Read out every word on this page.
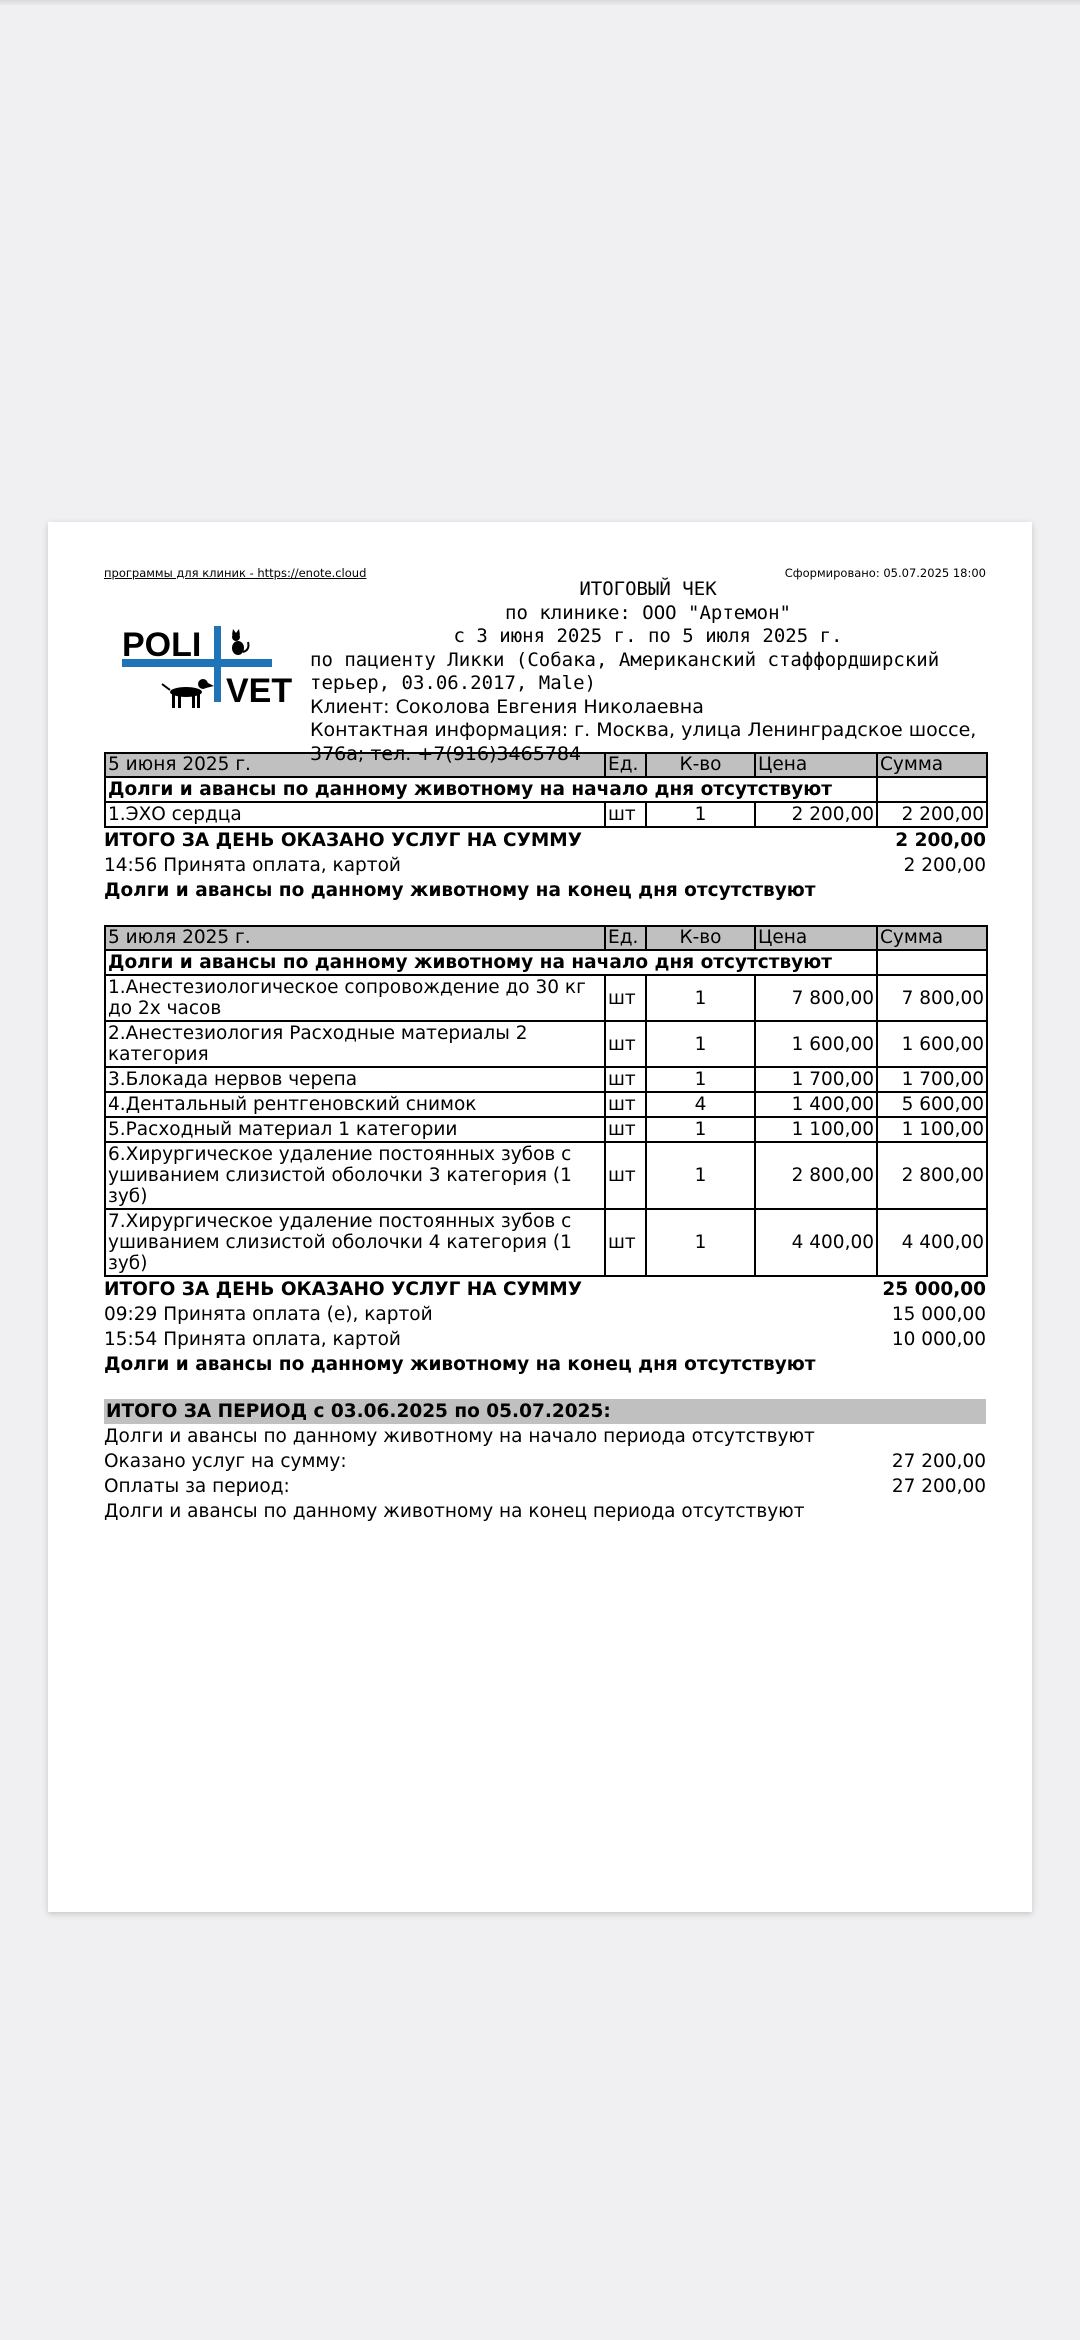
программы для клиник - https://enote.cloud	Сформировано: 05.07.2025 18:00
POLI
VET
ИТОГОВЫЙ ЧЕК
по клинике: ООО "Артемон"
с 3 июня 2025 г. по 5 июля 2025 г.
по пациенту Ликки (Собака, Американский стаффордширский терьер, 03.06.2017, Male)
Клиент: Соколова Евгения Николаевна
Контактная информация: г. Москва, улица Ленинградское шоссе, 376а; тел. +7(916)3465784
5 июня 2025 г.	Ед.	К-во	Цена	Сумма
Долги и авансы по данному животному на начало дня отсутствуют				
1.ЭХО сердца	шт	1	2 200,00	2 200,00
ИТОГО ЗА ДЕНЬ ОКАЗАНО УСЛУГ НА СУММУ	2 200,00
14:56 Принята оплата, картой	2 200,00
Долги и авансы по данному животному на конец дня отсутствуют
5 июля 2025 г.	Ед.	К-во	Цена	Сумма
Долги и авансы по данному животному на начало дня отсутствуют				
1.Анестезиологическое сопровождение до 30 кг до 2х часов	шт	1	7 800,00	7 800,00
2.Анестезиология Расходные материалы 2 категория	шт	1	1 600,00	1 600,00
3.Блокада нервов черепа	шт	1	1 700,00	1 700,00
4.Дентальный рентгеновский снимок	шт	4	1 400,00	5 600,00
5.Расходный материал 1 категории	шт	1	1 100,00	1 100,00
6.Хирургическое удаление постоянных зубов с ушиванием слизистой оболочки 3 категория (1 зуб)	шт	1	2 800,00	2 800,00
7.Хирургическое удаление постоянных зубов с ушиванием слизистой оболочки 4 категория (1 зуб)	шт	1	4 400,00	4 400,00
ИТОГО ЗА ДЕНЬ ОКАЗАНО УСЛУГ НА СУММУ	25 000,00
09:29 Принята оплата (е), картой	15 000,00
15:54 Принята оплата, картой	10 000,00
Долги и авансы по данному животному на конец дня отсутствуют
ИТОГО ЗА ПЕРИОД с 03.06.2025 по 05.07.2025:
Долги и авансы по данному животному на начало периода отсутствуют
Оказано услуг на сумму:	27 200,00
Оплаты за период:	27 200,00
Долги и авансы по данному животному на конец периода отсутствуют
